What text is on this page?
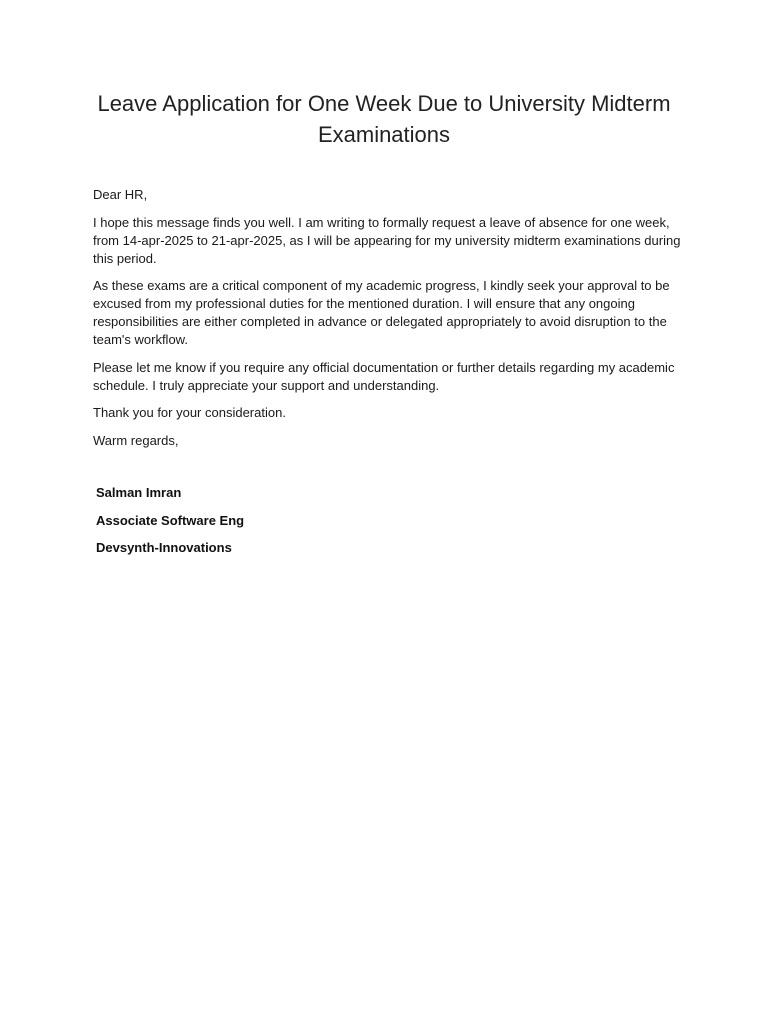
Leave Application for One Week Due to University Midterm Examinations

Dear HR,

I hope this message finds you well. I am writing to formally request a leave of absence for one week, from 14-apr-2025 to 21-apr-2025, as I will be appearing for my university midterm examinations during this period.

As these exams are a critical component of my academic progress, I kindly seek your approval to be excused from my professional duties for the mentioned duration. I will ensure that any ongoing responsibilities are either completed in advance or delegated appropriately to avoid disruption to the team's workflow.

Please let me know if you require any official documentation or further details regarding my academic schedule. I truly appreciate your support and understanding.

Thank you for your consideration.

Warm regards,

Salman Imran
Associate Software Eng
Devsynth-Innovations
